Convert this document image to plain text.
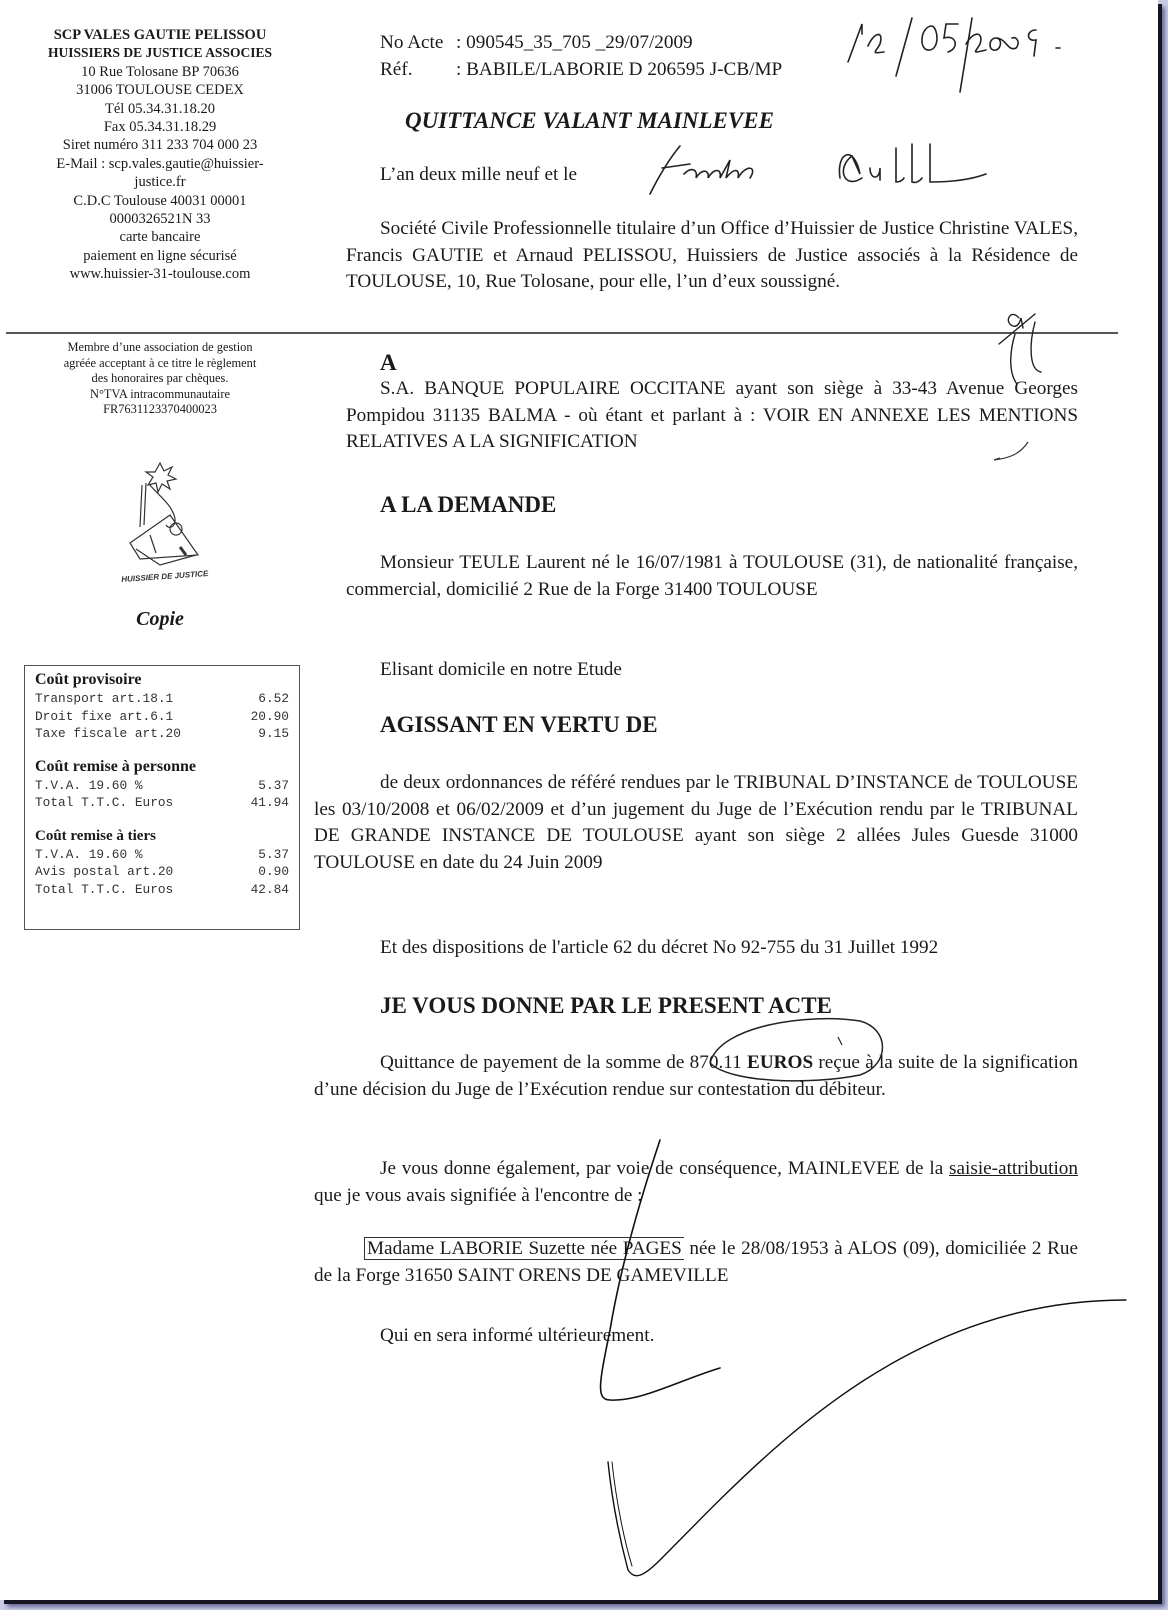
SCP VALES GAUTIE PELISSOU
HUISSIERS DE JUSTICE ASSOCIES
10 Rue Tolosane BP 70636
31006 TOULOUSE CEDEX
Tél 05.34.31.18.20
Fax 05.34.31.18.29
Siret numéro 311 233 704 000 23
E-Mail : scp.vales.gautie@huissier-
justice.fr
C.D.C Toulouse 40031 00001
0000326521N 33
carte bancaire
paiement en ligne sécurisé
www.huissier-31-toulouse.com
Membre d’une association de gestion
agréée acceptant à ce titre le règlement
des honoraires par chèques.
N°TVA intracommunautaire
FR7631123370400023
HUISSIER DE JUSTICE
Copie
Coût provisoire
Transport art.18.1	6.52
Droit fixe art.6.1	20.90
Taxe fiscale art.20	9.15
Coût remise à personne
T.V.A. 19.60 %	5.37
Total T.T.C. Euros	41.94
Coût remise à tiers
T.V.A. 19.60 %	5.37
Avis postal art.20	0.90
Total T.T.C. Euros	42.84
No Acte : 090545_35_705 _29/07/2009
Réf.	: BABILE/LABORIE D 206595 J-CB/MP
QUITTANCE VALANT MAINLEVEE
L’an deux mille neuf et le
Société Civile Professionnelle titulaire d’un Office d’Huissier de Justice Christine VALES, Francis GAUTIE et Arnaud PELISSOU, Huissiers de Justice associés à la Résidence de TOULOUSE, 10, Rue Tolosane, pour elle, l’un d’eux soussigné.
A
S.A. BANQUE POPULAIRE OCCITANE ayant son siège à 33-43 Avenue Georges Pompidou 31135 BALMA - où étant et parlant à : VOIR EN ANNEXE LES MENTIONS RELATIVES A LA SIGNIFICATION
A LA DEMANDE
Monsieur TEULE Laurent né le 16/07/1981 à TOULOUSE (31), de nationalité française, commercial, domicilié 2 Rue de la Forge 31400 TOULOUSE
Elisant domicile en notre Etude
AGISSANT EN VERTU DE
de deux ordonnances de référé rendues par le TRIBUNAL D’INSTANCE de TOULOUSE les 03/10/2008 et 06/02/2009 et d’un jugement du Juge de l’Exécution rendu par le TRIBUNAL DE GRANDE INSTANCE DE TOULOUSE ayant son siège 2 allées Jules Guesde 31000 TOULOUSE en date du 24 Juin 2009
Et des dispositions de l'article 62 du décret No 92-755 du 31 Juillet 1992
JE VOUS DONNE PAR LE PRESENT ACTE
Quittance de payement de la somme de 870.11 EUROS reçue à la suite de la signification d’une décision du Juge de l’Exécution rendue sur contestation du débiteur.
Je vous donne également, par voie de conséquence, MAINLEVEE de la saisie-attribution que je vous avais signifiée à l'encontre de :
Madame LABORIE Suzette née PAGES née le 28/08/1953 à ALOS (09), domiciliée 2 Rue de la Forge 31650 SAINT ORENS DE GAMEVILLE
Qui en sera informé ultérieurement.
